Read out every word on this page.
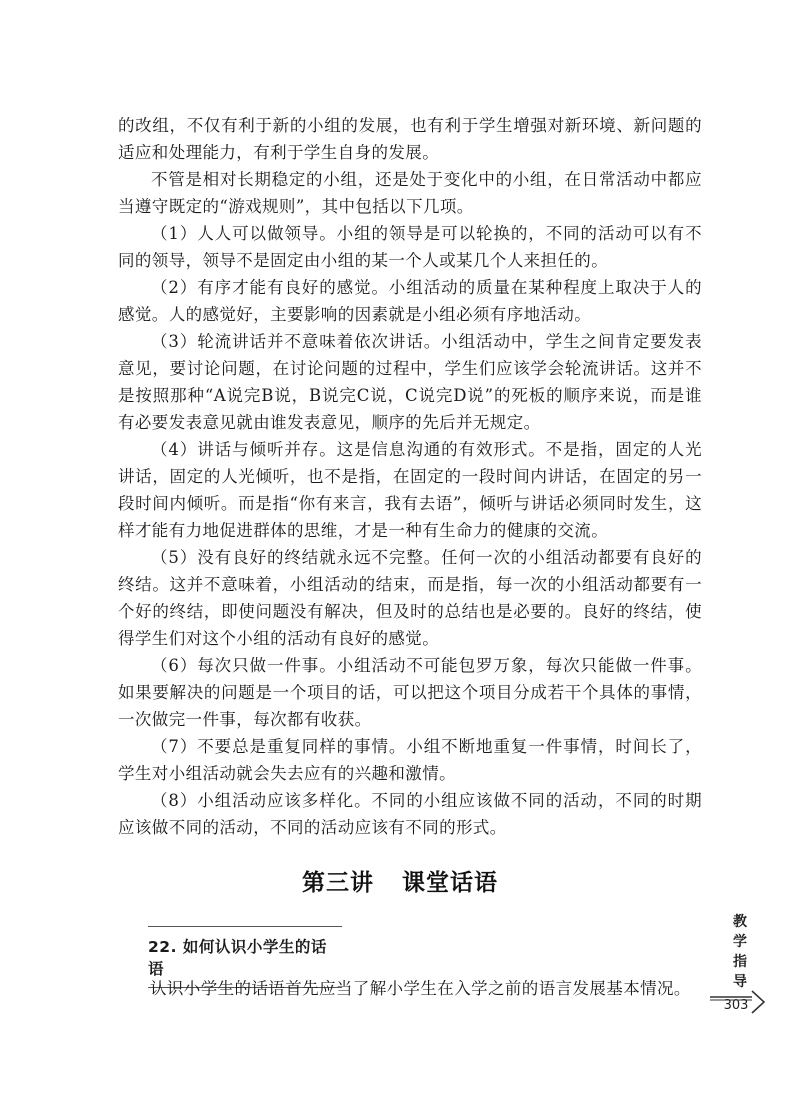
的改组，不仅有利于新的小组的发展，也有利于学生增强对新环境、新问题的适应和处理能力，有利于学生自身的发展。

不管是相对长期稳定的小组，还是处于变化中的小组，在日常活动中都应当遵守既定的“游戏规则”，其中包括以下几项。

（1）人人可以做领导。小组的领导是可以轮换的，不同的活动可以有不同的领导，领导不是固定由小组的某一个人或某几个人来担任的。

（2）有序才能有良好的感觉。小组活动的质量在某种程度上取决于人的感觉。人的感觉好，主要影响的因素就是小组必须有序地活动。

（3）轮流讲话并不意味着依次讲话。小组活动中，学生之间肯定要发表意见，要讨论问题，在讨论问题的过程中，学生们应该学会轮流讲话。这并不是按照那种“A说完B说，B说完C说，C说完D说”的死板的顺序来说，而是谁有必要发表意见就由谁发表意见，顺序的先后并无规定。

（4）讲话与倾听并存。这是信息沟通的有效形式。不是指，固定的人光讲话，固定的人光倾听，也不是指，在固定的一段时间内讲话，在固定的另一段时间内倾听。而是指“你有来言，我有去语”，倾听与讲话必须同时发生，这样才能有力地促进群体的思维，才是一种有生命力的健康的交流。

（5）没有良好的终结就永远不完整。任何一次的小组活动都要有良好的终结。这并不意味着，小组活动的结束，而是指，每一次的小组活动都要有一个好的终结，即使问题没有解决，但及时的总结也是必要的。良好的终结，使得学生们对这个小组的活动有良好的感觉。

（6）每次只做一件事。小组活动不可能包罗万象，每次只能做一件事。如果要解决的问题是一个项目的话，可以把这个项目分成若干个具体的事情，一次做完一件事，每次都有收获。

（7）不要总是重复同样的事情。小组不断地重复一件事情，时间长了，学生对小组活动就会失去应有的兴趣和激情。

（8）小组活动应该多样化。不同的小组应该做不同的活动，不同的时期应该做不同的活动，不同的活动应该有不同的形式。

第三讲 课堂话语
22. 如何认识小学生的话语
认识小学生的话语首先应当了解小学生在入学之前的语言发展基本情况。
教
学
指
导
303
